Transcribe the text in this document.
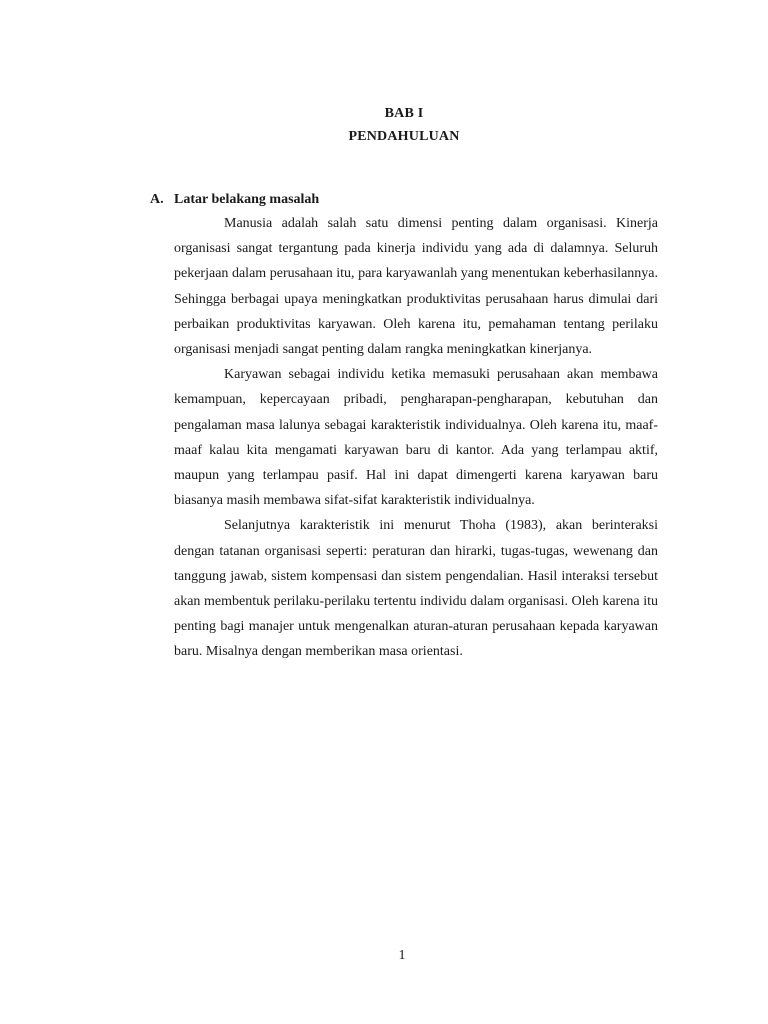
BAB I
PENDAHULUAN
A. Latar belakang masalah

Manusia adalah salah satu dimensi penting dalam organisasi. Kinerja organisasi sangat tergantung pada kinerja individu yang ada di dalamnya. Seluruh pekerjaan dalam perusahaan itu, para karyawanlah yang menentukan keberhasilannya. Sehingga berbagai upaya meningkatkan produktivitas perusahaan harus dimulai dari perbaikan produktivitas karyawan. Oleh karena itu, pemahaman tentang perilaku organisasi menjadi sangat penting dalam rangka meningkatkan kinerjanya.

Karyawan sebagai individu ketika memasuki perusahaan akan membawa kemampuan, kepercayaan pribadi, pengharapan-pengharapan, kebutuhan dan pengalaman masa lalunya sebagai karakteristik individualnya. Oleh karena itu, maaf-maaf kalau kita mengamati karyawan baru di kantor. Ada yang terlampau aktif, maupun yang terlampau pasif. Hal ini dapat dimengerti karena karyawan baru biasanya masih membawa sifat-sifat karakteristik individualnya.

Selanjutnya karakteristik ini menurut Thoha (1983), akan berinteraksi dengan tatanan organisasi seperti: peraturan dan hirarki, tugas-tugas, wewenang dan tanggung jawab, sistem kompensasi dan sistem pengendalian. Hasil interaksi tersebut akan membentuk perilaku-perilaku tertentu individu dalam organisasi. Oleh karena itu penting bagi manajer untuk mengenalkan aturan-aturan perusahaan kepada karyawan baru. Misalnya dengan memberikan masa orientasi.

1
